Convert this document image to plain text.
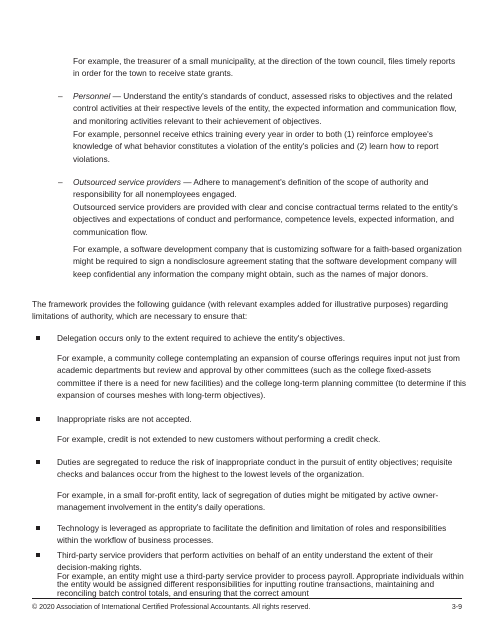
For example, the treasurer of a small municipality, at the direction of the town council, files timely reports in order for the town to receive state grants.

– Personnel — Understand the entity's standards of conduct, assessed risks to objectives and the related control activities at their respective levels of the entity, the expected information and communication flow, and monitoring activities relevant to their achievement of objectives.

For example, personnel receive ethics training every year in order to both (1) reinforce employee's knowledge of what behavior constitutes a violation of the entity's policies and (2) learn how to report violations.

– Outsourced service providers — Adhere to management's definition of the scope of authority and responsibility for all nonemployees engaged.

Outsourced service providers are provided with clear and concise contractual terms related to the entity's objectives and expectations of conduct and performance, competence levels, expected information, and communication flow.

For example, a software development company that is customizing software for a faith-based organization might be required to sign a nondisclosure agreement stating that the software development company will keep confidential any information the company might obtain, such as the names of major donors.

The framework provides the following guidance (with relevant examples added for illustrative purposes) regarding limitations of authority, which are necessary to ensure that:

Delegation occurs only to the extent required to achieve the entity's objectives.

For example, a community college contemplating an expansion of course offerings requires input not just from academic departments but review and approval by other committees (such as the college fixed-assets committee if there is a need for new facilities) and the college long-term planning committee (to determine if this expansion of courses meshes with long-term objectives).

Inappropriate risks are not accepted.

For example, credit is not extended to new customers without performing a credit check.

Duties are segregated to reduce the risk of inappropriate conduct in the pursuit of entity objectives; requisite checks and balances occur from the highest to the lowest levels of the organization.

For example, in a small for-profit entity, lack of segregation of duties might be mitigated by active owner-management involvement in the entity's daily operations.

Technology is leveraged as appropriate to facilitate the definition and limitation of roles and responsibilities within the workflow of business processes.

Third-party service providers that perform activities on behalf of an entity understand the extent of their decision-making rights.

© 2020 Association of International Certified Professional Accountants. All rights reserved.	3-9

For example, an entity might use a third-party service provider to process payroll. Appropriate individuals within the entity would be assigned different responsibilities for inputting routine transactions, maintaining and reconciling batch control totals, and ensuring that the correct amount
